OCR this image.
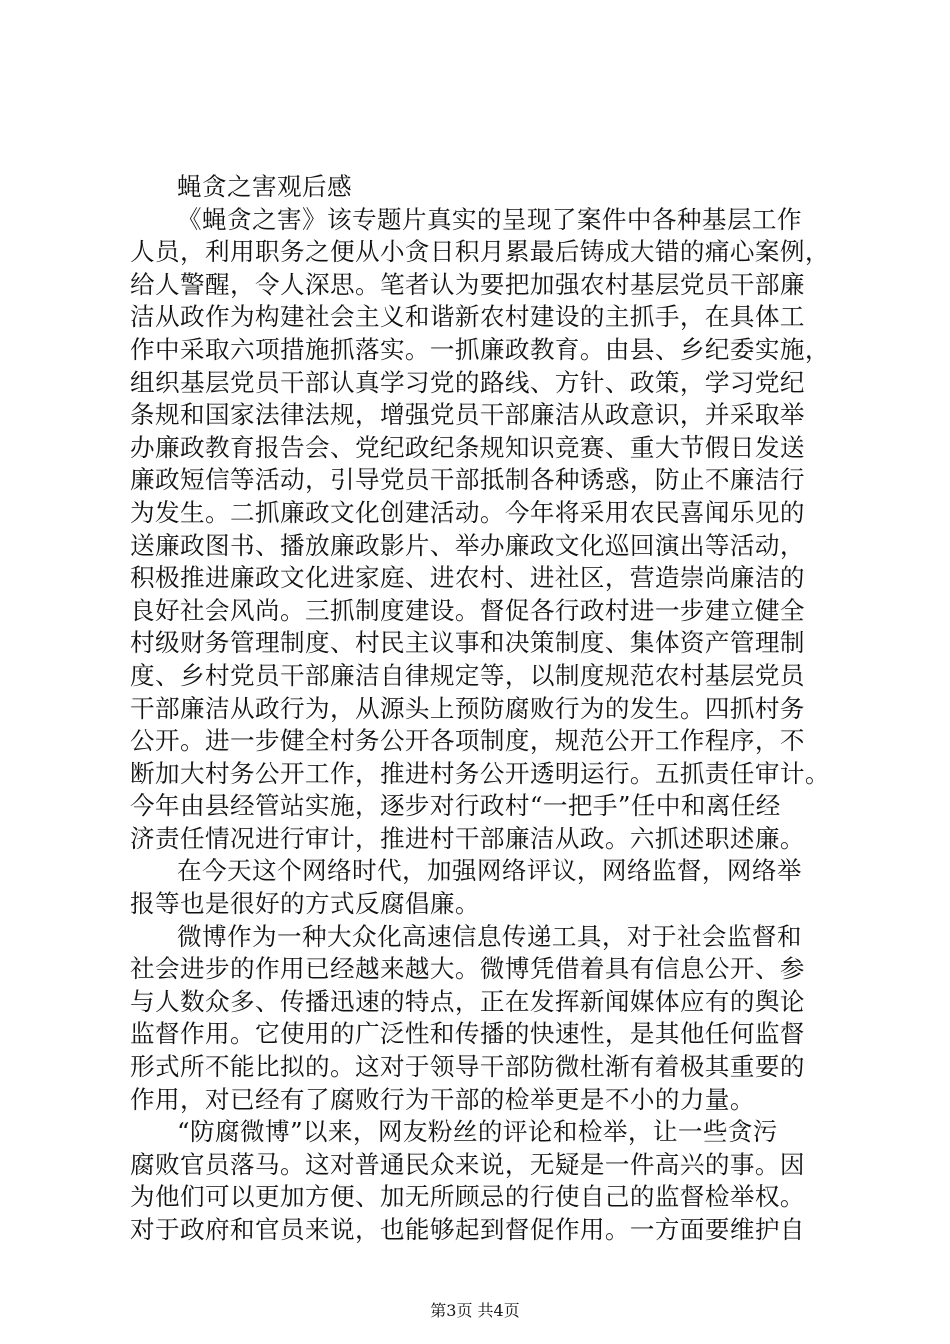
蝇贪之害观后感
《蝇贪之害》该专题片真实的呈现了案件中各种基层工作
人员，利用职务之便从小贪日积月累最后铸成大错的痛心案例，
给人警醒，令人深思。笔者认为要把加强农村基层党员干部廉
洁从政作为构建社会主义和谐新农村建设的主抓手，在具体工
作中采取六项措施抓落实。一抓廉政教育。由县、乡纪委实施，
组织基层党员干部认真学习党的路线、方针、政策，学习党纪
条规和国家法律法规，增强党员干部廉洁从政意识，并采取举
办廉政教育报告会、党纪政纪条规知识竞赛、重大节假日发送
廉政短信等活动，引导党员干部抵制各种诱惑，防止不廉洁行
为发生。二抓廉政文化创建活动。今年将采用农民喜闻乐见的
送廉政图书、播放廉政影片、举办廉政文化巡回演出等活动，
积极推进廉政文化进家庭、进农村、进社区，营造崇尚廉洁的
良好社会风尚。三抓制度建设。督促各行政村进一步建立健全
村级财务管理制度、村民主议事和决策制度、集体资产管理制
度、乡村党员干部廉洁自律规定等，以制度规范农村基层党员
干部廉洁从政行为，从源头上预防腐败行为的发生。四抓村务
公开。进一步健全村务公开各项制度，规范公开工作程序，不
断加大村务公开工作，推进村务公开透明运行。五抓责任审计。
今年由县经管站实施，逐步对行政村“一把手”任中和离任经
济责任情况进行审计，推进村干部廉洁从政。六抓述职述廉。
在今天这个网络时代，加强网络评议，网络监督，网络举
报等也是很好的方式反腐倡廉。
微博作为一种大众化高速信息传递工具，对于社会监督和
社会进步的作用已经越来越大。微博凭借着具有信息公开、参
与人数众多、传播迅速的特点，正在发挥新闻媒体应有的舆论
监督作用。它使用的广泛性和传播的快速性，是其他任何监督
形式所不能比拟的。这对于领导干部防微杜渐有着极其重要的
作用，对已经有了腐败行为干部的检举更是不小的力量。
“防腐微博”以来，网友粉丝的评论和检举，让一些贪污
腐败官员落马。这对普通民众来说，无疑是一件高兴的事。因
为他们可以更加方便、加无所顾忌的行使自己的监督检举权。
对于政府和官员来说，也能够起到督促作用。一方面要维护自
第3页 共4页
